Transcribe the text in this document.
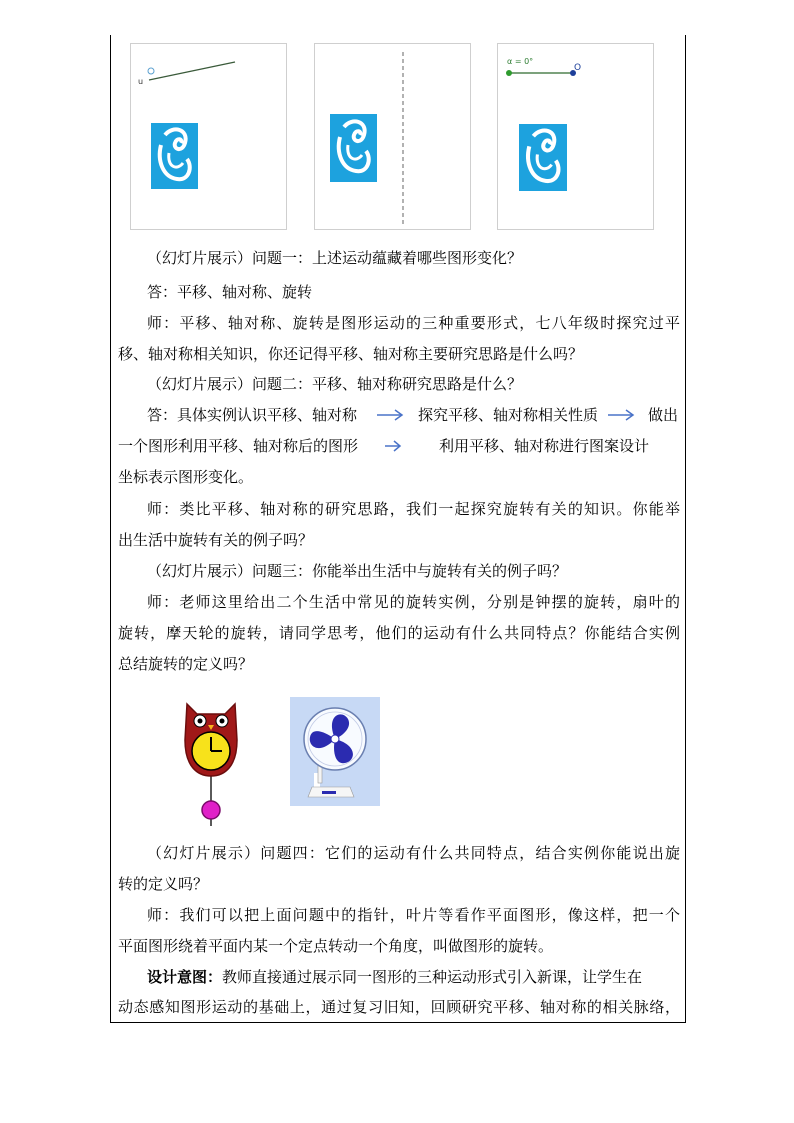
u
α = 0°
O
（幻灯片展示）问题一：上述运动蕴藏着哪些图形变化？
答：平移、轴对称、旋转
师：平移、轴对称、旋转是图形运动的三种重要形式，七八年级时探究过平
移、轴对称相关知识，你还记得平移、轴对称主要研究思路是什么吗？
（幻灯片展示）问题二：平移、轴对称研究思路是什么？
答：具体实例认识平移、轴对称	探究平移、轴对称相关性质	做出
一个图形利用平移、轴对称后的图形	利用平移、轴对称进行图案设计
坐标表示图形变化。
师：类比平移、轴对称的研究思路，我们一起探究旋转有关的知识。你能举
出生活中旋转有关的例子吗？
（幻灯片展示）问题三：你能举出生活中与旋转有关的例子吗？
师：老师这里给出二个生活中常见的旋转实例，分别是钟摆的旋转，扇叶的
旋转，摩天轮的旋转，请同学思考，他们的运动有什么共同特点？你能结合实例
总结旋转的定义吗？
（幻灯片展示）问题四：它们的运动有什么共同特点，结合实例你能说出旋
转的定义吗？
师：我们可以把上面问题中的指针，叶片等看作平面图形，像这样，把一个
平面图形绕着平面内某一个定点转动一个角度，叫做图形的旋转。
设计意图：教师直接通过展示同一图形的三种运动形式引入新课，让学生在
动态感知图形运动的基础上，通过复习旧知，回顾研究平移、轴对称的相关脉络，
